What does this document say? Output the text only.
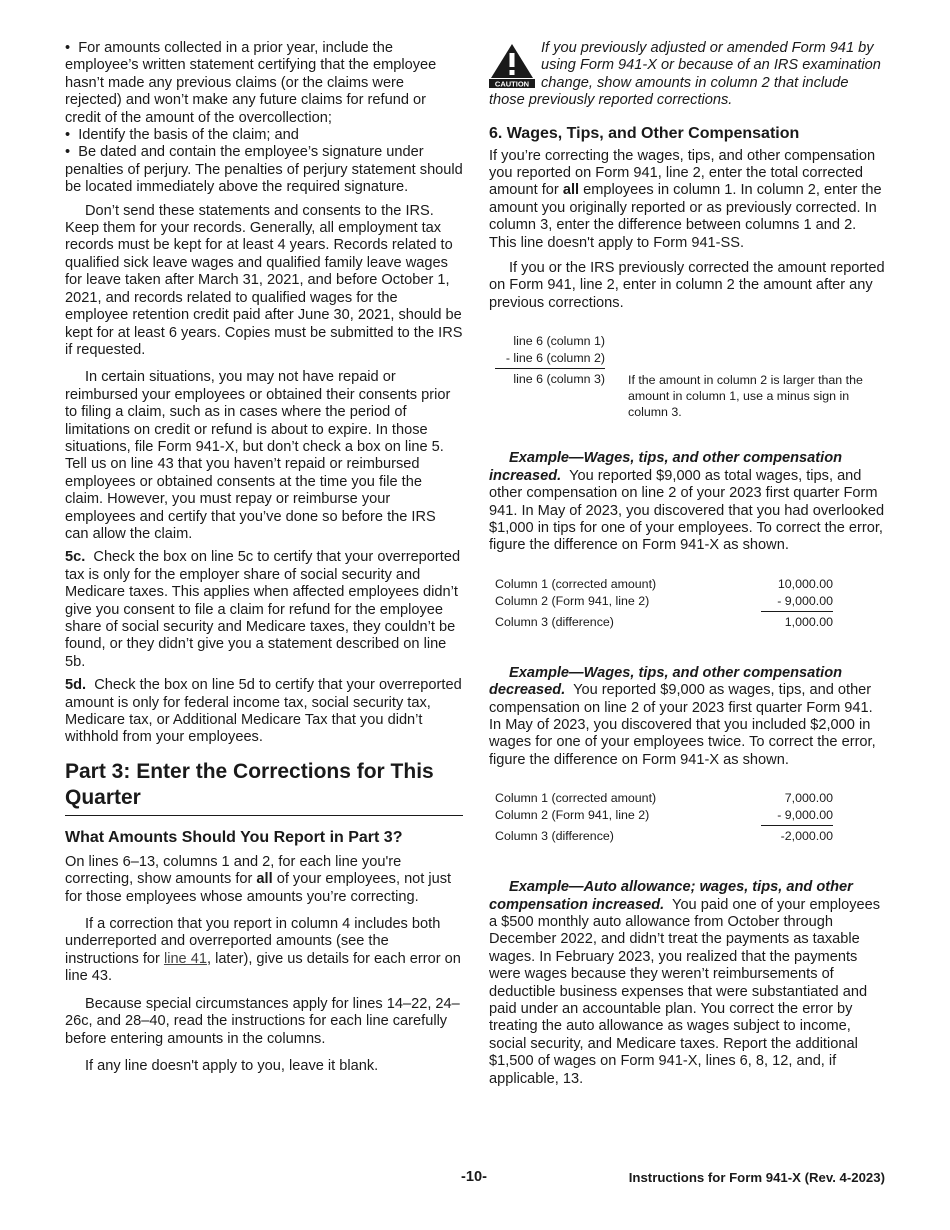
•  For amounts collected in a prior year, include the employee’s written statement certifying that the employee hasn’t made any previous claims (or the claims were rejected) and won’t make any future claims for refund or credit of the amount of the overcollection;

•  Identify the basis of the claim; and

•  Be dated and contain the employee’s signature under penalties of perjury. The penalties of perjury statement should be located immediately above the required signature.

Don’t send these statements and consents to the IRS. Keep them for your records. Generally, all employment tax records must be kept for at least 4 years. Records related to qualified sick leave wages and qualified family leave wages for leave taken after March 31, 2021, and before October 1, 2021, and records related to qualified wages for the employee retention credit paid after June 30, 2021, should be kept for at least 6 years. Copies must be submitted to the IRS if requested.

In certain situations, you may not have repaid or reimbursed your employees or obtained their consents prior to filing a claim, such as in cases where the period of limitations on credit or refund is about to expire. In those situations, file Form 941-X, but don’t check a box on line 5. Tell us on line 43 that you haven’t repaid or reimbursed employees or obtained consents at the time you file the claim. However, you must repay or reimburse your employees and certify that you’ve done so before the IRS can allow the claim.

5c. Check the box on line 5c to certify that your overreported tax is only for the employer share of social security and Medicare taxes. This applies when affected employees didn’t give you consent to file a claim for refund for the employee share of social security and Medicare taxes, they couldn’t be found, or they didn’t give you a statement described on line 5b.

5d. Check the box on line 5d to certify that your overreported amount is only for federal income tax, social security tax, Medicare tax, or Additional Medicare Tax that you didn’t withhold from your employees.

Part 3: Enter the Corrections for This Quarter
What Amounts Should You Report in Part 3?

On lines 6–13, columns 1 and 2, for each line you're correcting, show amounts for all of your employees, not just for those employees whose amounts you’re correcting.

If a correction that you report in column 4 includes both underreported and overreported amounts (see the instructions for line 41, later), give us details for each error on line 43.

Because special circumstances apply for lines 14–22, 24–26c, and 28–40, read the instructions for each line carefully before entering amounts in the columns.

If any line doesn't apply to you, leave it blank.

CAUTION

If you previously adjusted or amended Form 941 by using Form 941-X or because of an IRS examination change, show amounts in column 2 that include those previously reported corrections.

6. Wages, Tips, and Other Compensation

If you’re correcting the wages, tips, and other compensation you reported on Form 941, line 2, enter the total corrected amount for all employees in column 1. In column 2, enter the amount you originally reported or as previously corrected. In column 3, enter the difference between columns 1 and 2. This line doesn't apply to Form 941-SS.

If you or the IRS previously corrected the amount reported on Form 941, line 2, enter in column 2 the amount after any previous corrections.

line 6 (column 1)
- line 6 (column 2)
line 6 (column 3) If the amount in column 2 is larger than the amount in column 1, use a minus sign in column 3.

Example—Wages, tips, and other compensation increased. You reported $9,000 as total wages, tips, and other compensation on line 2 of your 2023 first quarter Form 941. In May of 2023, you discovered that you had overlooked $1,000 in tips for one of your employees. To correct the error, figure the difference on Form 941-X as shown.

Column 1 (corrected amount)	10,000.00
Column 2 (Form 941, line 2)	- 9,000.00
Column 3 (difference)	1,000.00

Example—Wages, tips, and other compensation decreased. You reported $9,000 as wages, tips, and other compensation on line 2 of your 2023 first quarter Form 941. In May of 2023, you discovered that you included $2,000 in wages for one of your employees twice. To correct the error, figure the difference on Form 941-X as shown.

Column 1 (corrected amount)	7,000.00
Column 2 (Form 941, line 2)	- 9,000.00
Column 3 (difference)	-2,000.00

Example—Auto allowance; wages, tips, and other compensation increased. You paid one of your employees a $500 monthly auto allowance from October through December 2022, and didn’t treat the payments as taxable wages. In February 2023, you realized that the payments were wages because they weren’t reimbursements of deductible business expenses that were substantiated and paid under an accountable plan. You correct the error by treating the auto allowance as wages subject to income, social security, and Medicare taxes. Report the additional $1,500 of wages on Form 941-X, lines 6, 8, 12, and, if applicable, 13.

-10-	Instructions for Form 941-X (Rev. 4-2023)
